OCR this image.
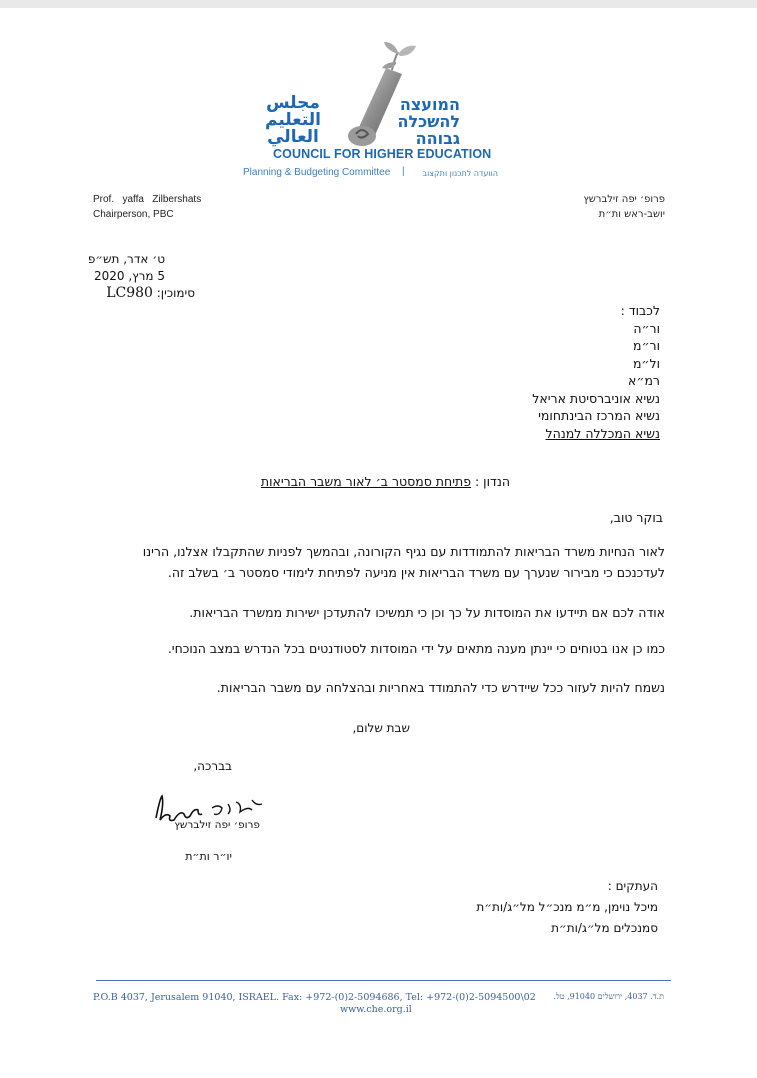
مجلس
التعليم
العالي
המועצה
להשכלה
גבוהה
COUNCIL FOR HIGHER EDUCATION
Planning & Budgeting Committee |	הוועדה לתכנון ותקצוב
Prof.   yaffa   Zilbershats
Chairperson, PBC
פרופ׳ יפה זילברשץ
יושב-ראש ות״ת
ט׳ אדר, תש״פ
5 מרץ, 2020
סימוכין: LC980
לכבוד :
ור״ה
ור״מ
ול״מ
רמ״א
נשיא אוניברסיטת אריאל
נשיא המרכז הבינתחומי
נשיא המכללה למנהל
הנדון : פתיחת סמסטר ב׳ לאור משבר הבריאות
בוקר טוב,
לאור הנחיות משרד הבריאות להתמודדות עם נגיף הקורונה, ובהמשך לפניות שהתקבלו אצלנו, הרינו
לעדכנכם כי מבירור שנערך עם משרד הבריאות אין מניעה לפתיחת לימודי סמסטר ב׳ בשלב זה.
אודה לכם אם תיידעו את המוסדות על כך וכן כי תמשיכו להתעדכן ישירות ממשרד הבריאות.
כמו כן אנו בטוחים כי יינתן מענה מתאים על ידי המוסדות לסטודנטים בכל הנדרש במצב הנוכחי.
נשמח להיות לעזור ככל שיידרש כדי להתמודד באחריות ובהצלחה עם משבר הבריאות.
שבת שלום,
בברכה,
פרופ׳ יפה זילברשץ
יו״ר ות״ת
העתקים :
מיכל נוימן, מ״מ מנכ״ל מל״ג/ות״ת
סמנכלים מל״ג/ות״ת
P.O.B 4037, Jerusalem 91040, ISRAEL. Fax: +972-(0)2-5094686, Tel: +972-(0)2-5094500\02	ת.ד. 4037, ירושלים 91040, טל.
www.che.org.il
